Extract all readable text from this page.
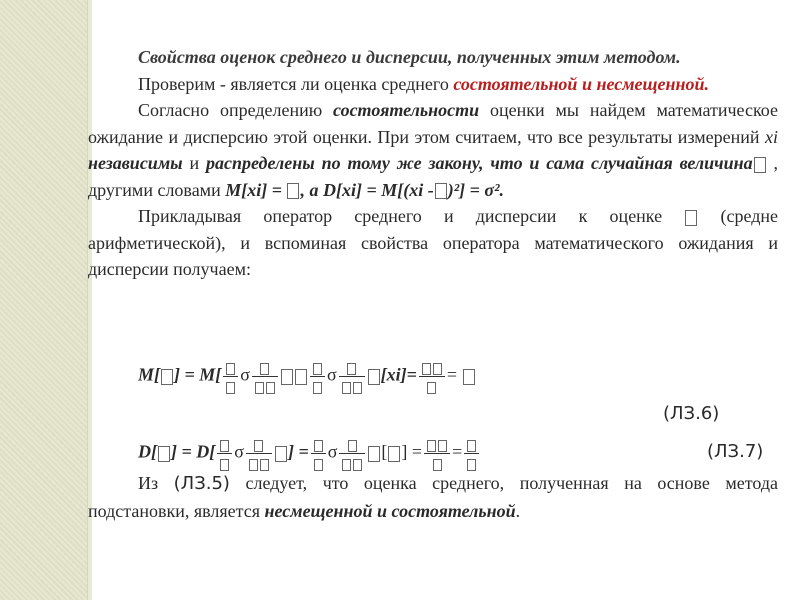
Свойства оценок среднего и дисперсии, полученных этим методом.

Проверим - является ли оценка среднего состоятельной и несмещенной.

Согласно определению состоятельности оценки мы найдем математическое ожидание и дисперсию этой оценки. При этом считаем, что все результаты измерений xi независимы и распределены по тому же закону, что и сама случайная величина , другими словами M[xi] = , а D[xi] = M[(xi - )²] = σ².

Прикладывая оператор среднего и дисперсии к оценке  (средне арифметической), и вспоминая свойства оператора математического ожидания и дисперсии получаем:

M[ ] = M[ σ	σ [xi]= =
(ЛЗ.6)
D[ ] = D[ σ ] = σ [ ] = =	(ЛЗ.7)

Из (ЛЗ.5) следует, что оценка среднего, полученная на основе метода подстановки, является несмещенной и состоятельной.
